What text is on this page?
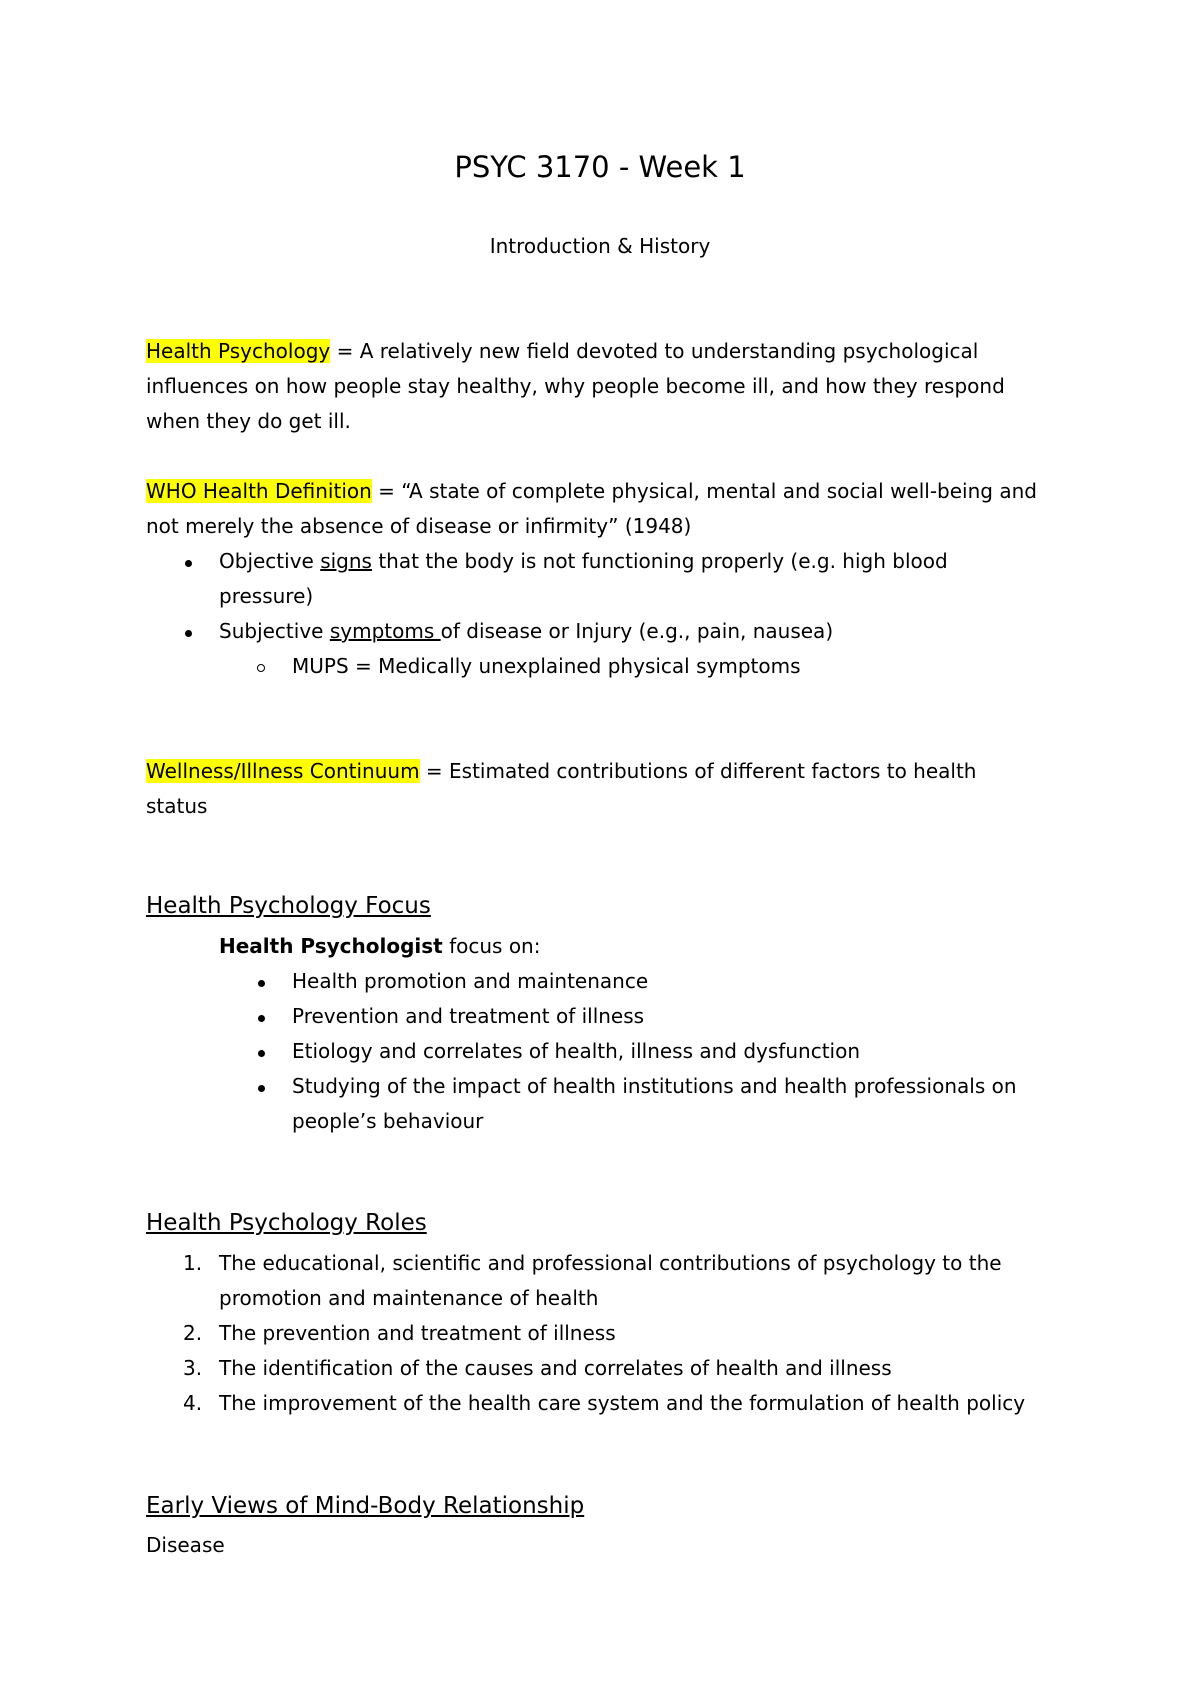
PSYC 3170 - Week 1
Introduction & History
Health Psychology = A relatively new field devoted to understanding psychological
influences on how people stay healthy, why people become ill, and how they respond
when they do get ill.
WHO Health Definition = “A state of complete physical, mental and social well-being and
not merely the absence of disease or infirmity” (1948)
Objective signs that the body is not functioning properly (e.g. high blood
pressure)
Subjective symptoms of disease or Injury (e.g., pain, nausea)
MUPS = Medically unexplained physical symptoms
Wellness/Illness Continuum = Estimated contributions of different factors to health
status
Health Psychology Focus
Health Psychologist focus on:
Health promotion and maintenance
Prevention and treatment of illness
Etiology and correlates of health, illness and dysfunction
Studying of the impact of health institutions and health professionals on
people’s behaviour
Health Psychology Roles
1. The educational, scientific and professional contributions of psychology to the
promotion and maintenance of health
2. The prevention and treatment of illness
3. The identification of the causes and correlates of health and illness
4. The improvement of the health care system and the formulation of health policy
Early Views of Mind-Body Relationship
Disease
